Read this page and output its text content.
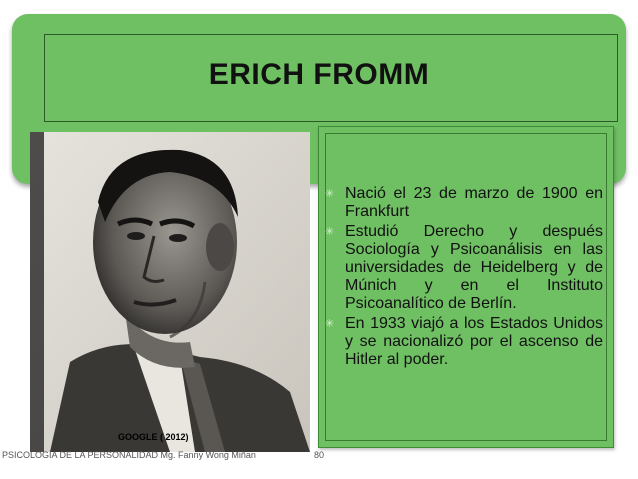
ERICH FROMM
GOOGLE ( 2012)
✳ Nació el 23 de marzo de 1900 en Frankfurt
✳ Estudió Derecho y después Sociología y Psicoanálisis en las universidades de Heidelberg y de Múnich y en el Instituto Psicoanalítico de Berlín.
✳ En 1933 viajó a los Estados Unidos y se nacionalizó por el ascenso de Hitler al poder.
PSICOLOGÍA DE LA PERSONALIDAD Mg. Fanny Wong Miñan	80
